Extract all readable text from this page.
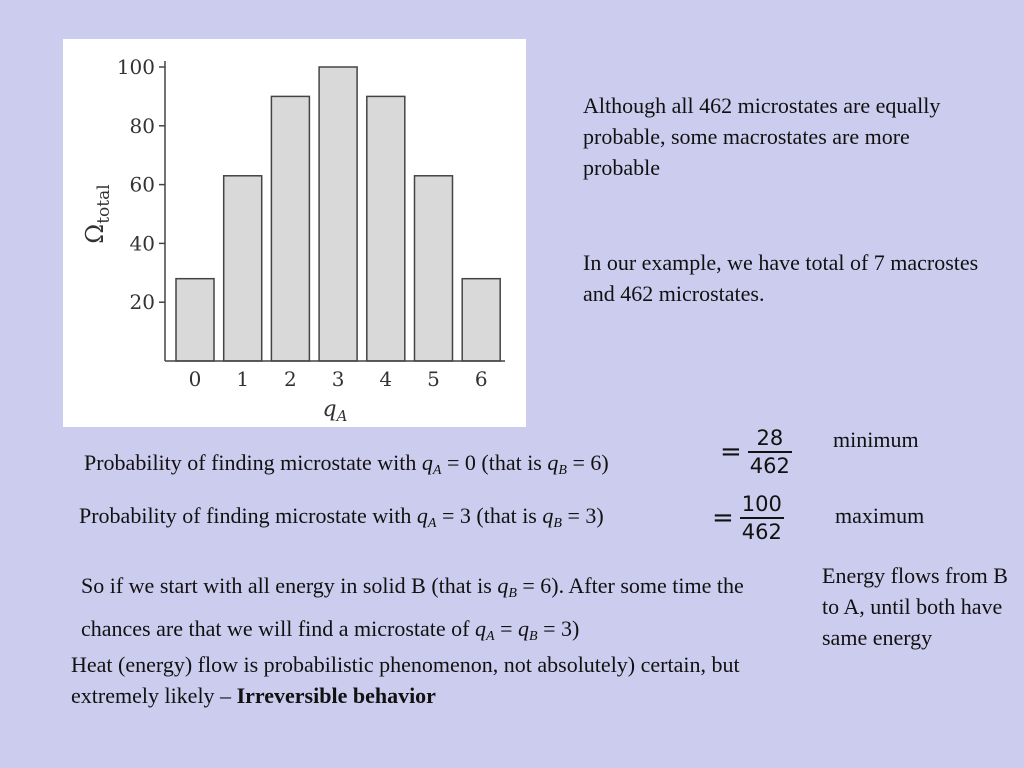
20
40
60
80
100
0 1 2 3 4 5 6
$q_A$
$\Omega_{total}$
Although all 462 microstates are equally probable, some macrostates are more probable
In our example, we have total of 7 macrostes and 462 microstates.
Probability of finding microstate with $q_A = 0$ (that is $q_B = 6$)	= $\frac{28}{462}$ minimum
Probability of finding microstate with $q_A = 3$ (that is $q_B = 3$)	= $\frac{100}{462}$ maximum
So if we start with all energy in solid B (that is $q_B = 6$). After some time the chances are that we will find a microstate of $q_A = q_B = 3$)
Heat (energy) flow is probabilistic phenomenon, not absolutely) certain, but extremely likely – Irreversible behavior
Energy flows from B to A, until both have same energy
